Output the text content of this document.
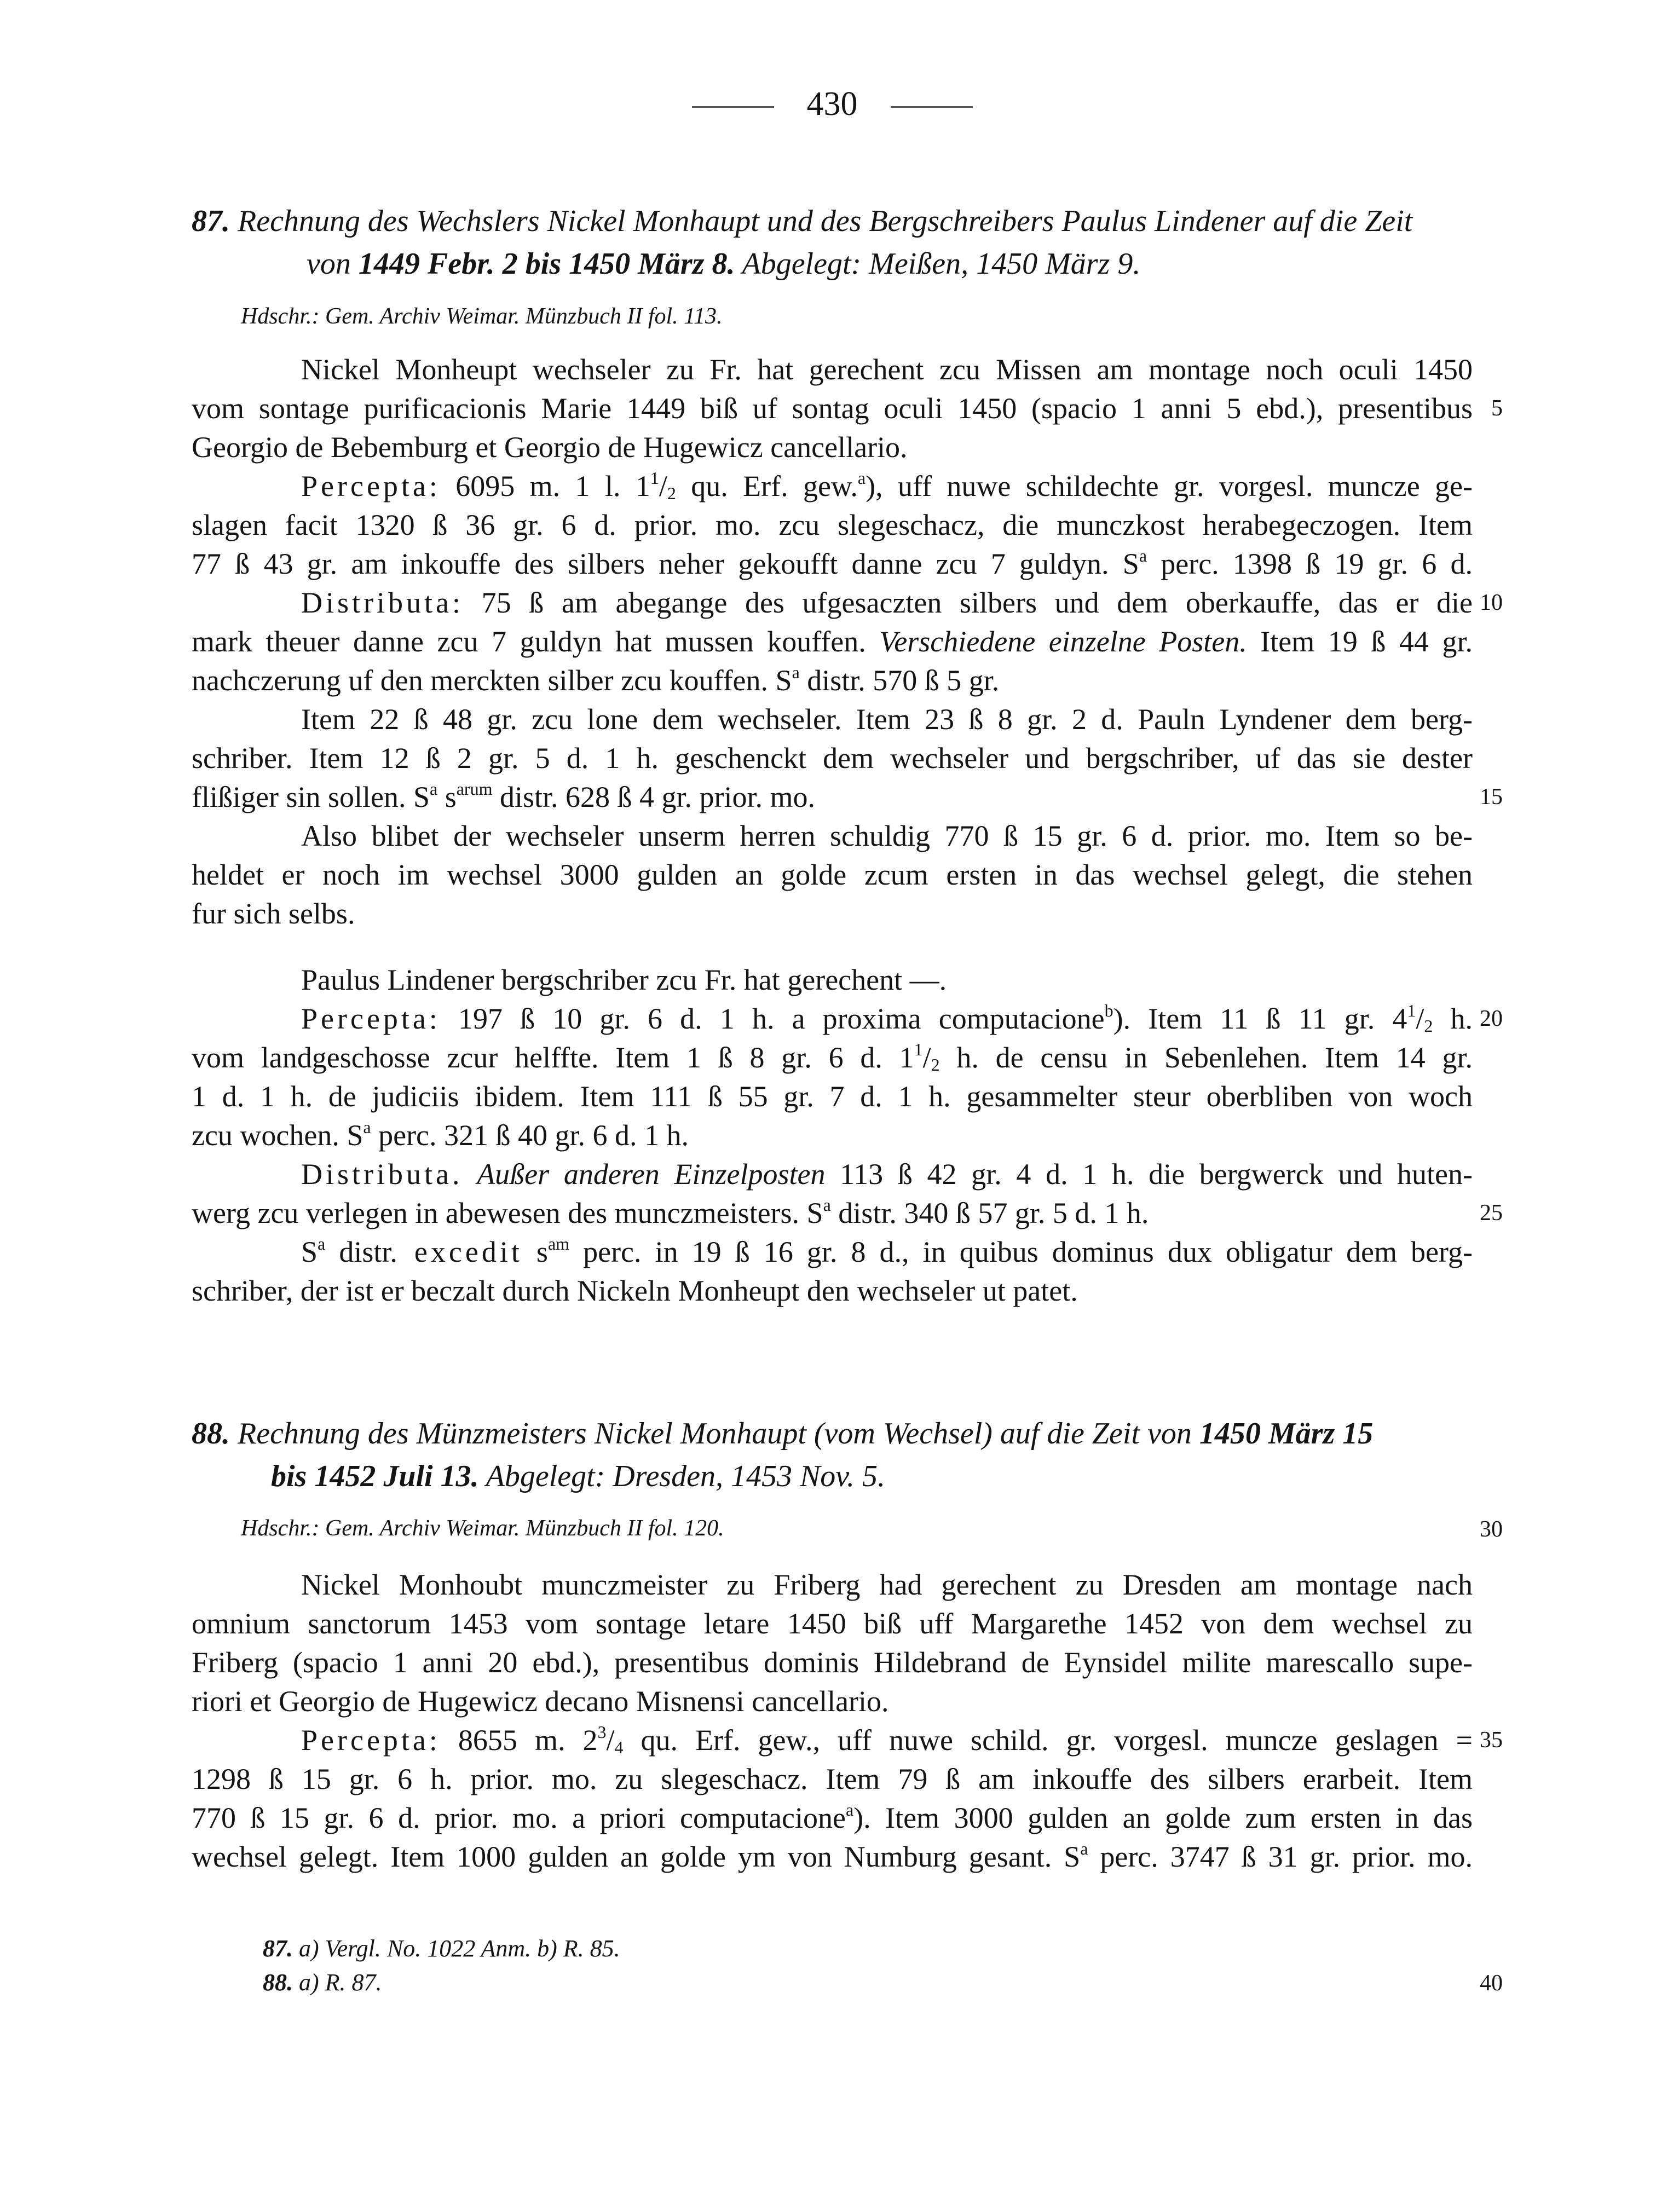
430
87. Rechnung des Wechslers Nickel Monhaupt und des Bergschreibers Paulus Lindener auf die Zeit
von 1449 Febr. 2 bis 1450 März 8. Abgelegt: Meißen, 1450 März 9.
Hdschr.: Gem. Archiv Weimar. Münzbuch II fol. 113.
Nickel Monheupt wechseler zu Fr. hat gerechent zcu Missen am montage noch oculi 1450
vom sontage purificacionis Marie 1449 biß uf sontag oculi 1450 (spacio 1 anni 5 ebd.), presentibus
Georgio de Bebemburg et Georgio de Hugewicz cancellario.
Percepta: 6095 m. 1 l. $1^1/_2$ qu. Erf. gew.$^a$), uff nuwe schildechte gr. vorgesl. muncze ge-
slagen facit 1320 ß 36 gr. 6 d. prior. mo. zcu slegeschacz, die munczkost herabegeczogen. Item
77 ß 43 gr. am inkouffe des silbers neher gekoufft danne zcu 7 guldyn. $S^a$ perc. 1398 ß 19 gr. 6 d.
Distributa: 75 ß am abegange des ufgesaczten silbers und dem oberkauffe, das er die
mark theuer danne zcu 7 guldyn hat mussen kouffen. Verschiedene einzelne Posten. Item 19 ß 44 gr.
nachczerung uf den merckten silber zcu kouffen. $S^a$ distr. 570 ß 5 gr.
Item 22 ß 48 gr. zcu lone dem wechseler. Item 23 ß 8 gr. 2 d. Pauln Lyndener dem berg-
schriber. Item 12 ß 2 gr. 5 d. 1 h. geschenckt dem wechseler und bergschriber, uf das sie dester
flißiger sin sollen. $S^a$ $s^{arum}$ distr. 628 ß 4 gr. prior. mo.
Also blibet der wechseler unserm herren schuldig 770 ß 15 gr. 6 d. prior. mo. Item so be-
heldet er noch im wechsel 3000 gulden an golde zcum ersten in das wechsel gelegt, die stehen
fur sich selbs.
Paulus Lindener bergschriber zcu Fr. hat gerechent —.
Percepta: 197 ß 10 gr. 6 d. 1 h. a proxima computacione$^b$). Item 11 ß 11 gr. $4^1/_2$ h.
vom landgeschosse zcur helffte. Item 1 ß 8 gr. 6 d. $1^1/_2$ h. de censu in Sebenlehen. Item 14 gr.
1 d. 1 h. de judiciis ibidem. Item 111 ß 55 gr. 7 d. 1 h. gesammelter steur oberbliben von woch
zcu wochen. $S^a$ perc. 321 ß 40 gr. 6 d. 1 h.
Distributa. Außer anderen Einzelposten 113 ß 42 gr. 4 d. 1 h. die bergwerck und huten-
werg zcu verlegen in abewesen des munczmeisters. $S^a$ distr. 340 ß 57 gr. 5 d. 1 h.
$S^a$ distr. excedit $s^{am}$ perc. in 19 ß 16 gr. 8 d., in quibus dominus dux obligatur dem berg-
schriber, der ist er beczalt durch Nickeln Monheupt den wechseler ut patet.
88. Rechnung des Münzmeisters Nickel Monhaupt (vom Wechsel) auf die Zeit von 1450 März 15
bis 1452 Juli 13. Abgelegt: Dresden, 1453 Nov. 5.
Hdschr.: Gem. Archiv Weimar. Münzbuch II fol. 120.
Nickel Monhoubt munczmeister zu Friberg had gerechent zu Dresden am montage nach
omnium sanctorum 1453 vom sontage letare 1450 biß uff Margarethe 1452 von dem wechsel zu
Friberg (spacio 1 anni 20 ebd.), presentibus dominis Hildebrand de Eynsidel milite marescallo supe-
riori et Georgio de Hugewicz decano Misnensi cancellario.
Percepta: 8655 m. $2^3/_4$ qu. Erf. gew., uff nuwe schild. gr. vorgesl. muncze geslagen =
1298 ß 15 gr. 6 h. prior. mo. zu slegeschacz. Item 79 ß am inkouffe des silbers erarbeit. Item
770 ß 15 gr. 6 d. prior. mo. a priori computacione$^a$). Item 3000 gulden an golde zum ersten in das
wechsel gelegt. Item 1000 gulden an golde ym von Numburg gesant. $S^a$ perc. 3747 ß 31 gr. prior. mo.
87. a) Vergl. No. 1022 Anm. b) R. 85.
88. a) R. 87.
5
10
15
20
25
30
35
40
